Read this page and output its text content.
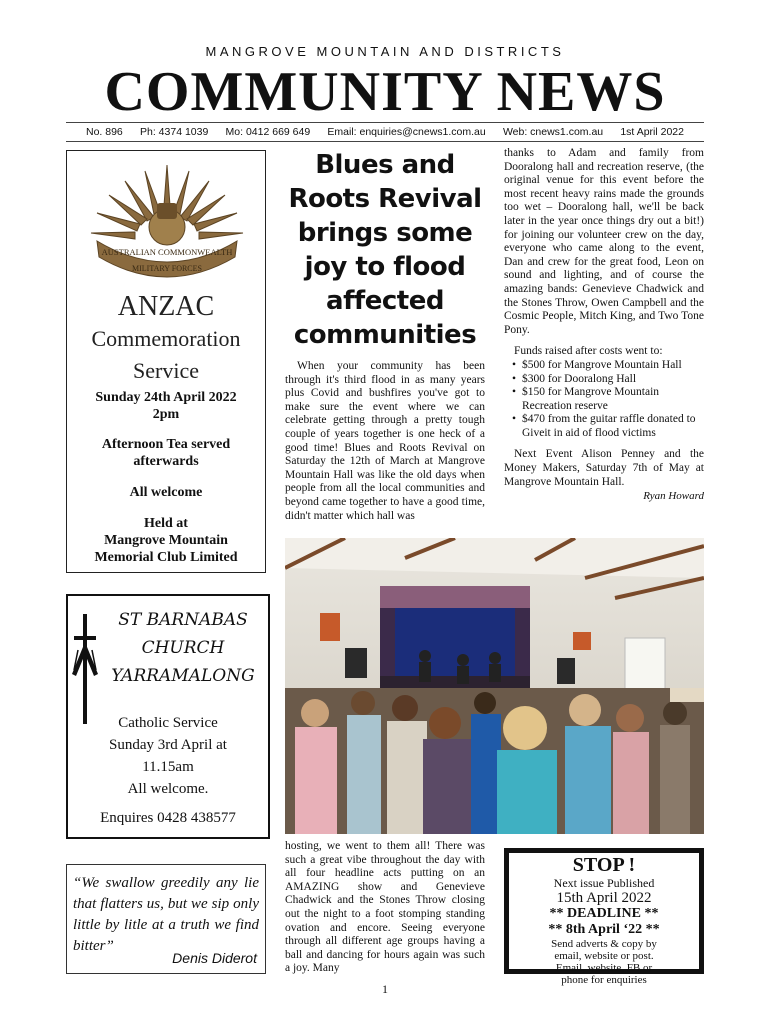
MANGROVE MOUNTAIN AND DISTRICTS
COMMUNITY NEWS
No. 896 Ph: 4374 1039 Mo: 0412 669 649 Email: enquiries@cnews1.com.au Web: cnews1.com.au 1st April 2022
AUSTRALIAN COMMONWEALTH
MILITARY FORCES
ANZAC
Commemoration
Service
Sunday 24th April 2022
2pm
Afternoon Tea served
afterwards
All welcome
Held at
Mangrove Mountain
Memorial Club Limited
ST BARNABAS
CHURCH
YARRAMALONG
Catholic Service
Sunday 3rd April at
11.15am
All welcome.
Enquires 0428 438577
“We swallow greedily any lie that flatters us, but we sip only little by litle at a truth we find bitter”
Denis Diderot
Blues and
Roots Revival
brings some
joy to flood
affected
communities

When your community has been through it's third flood in as many years plus Covid and bushfires you've got to make sure the event where we can celebrate getting through a pretty tough couple of years together is one heck of a good time! Blues and Roots Revival on Saturday the 12th of March at Mangrove Mountain Hall was like the old days when people from all the local communities and beyond came together to have a good time, didn't matter which hall was

thanks to Adam and family from Dooralong hall and recreation reserve, (the original venue for this event before the most recent heavy rains made the grounds too wet – Dooralong hall, we'll be back later in the year once things dry out a bit!) for joining our volunteer crew on the day, everyone who came along to the event, Dan and crew for the great food, Leon on sound and lighting, and of course the amazing bands: Genevieve Chadwick and the Stones Throw, Owen Campbell and the Cosmic People, Mitch King, and Two Tone Pony.

Funds raised after costs went to:
• $500 for Mangrove Mountain Hall
• $300 for Dooralong Hall
• $150 for Mangrove Mountain Recreation reserve
• $470 from the guitar raffle donated to Giveit in aid of flood victims

Next Event Alison Penney and the Money Makers, Saturday 7th of May at Mangrove Mountain Hall.

Ryan Howard

hosting, we went to them all! There was such a great vibe throughout the day with all four headline acts putting on an AMAZING show and Genevieve Chadwick and the Stones Throw closing out the night to a foot stomping standing ovation and encore. Seeing everyone through all different age groups having a ball and dancing for hours again was such a joy. Many

STOP !
Next issue Published
15th April 2022
** DEADLINE **
** 8th April ‘22 **
Send adverts & copy by
email, website or post.
Email, website, FB or
phone for enquiries
1
